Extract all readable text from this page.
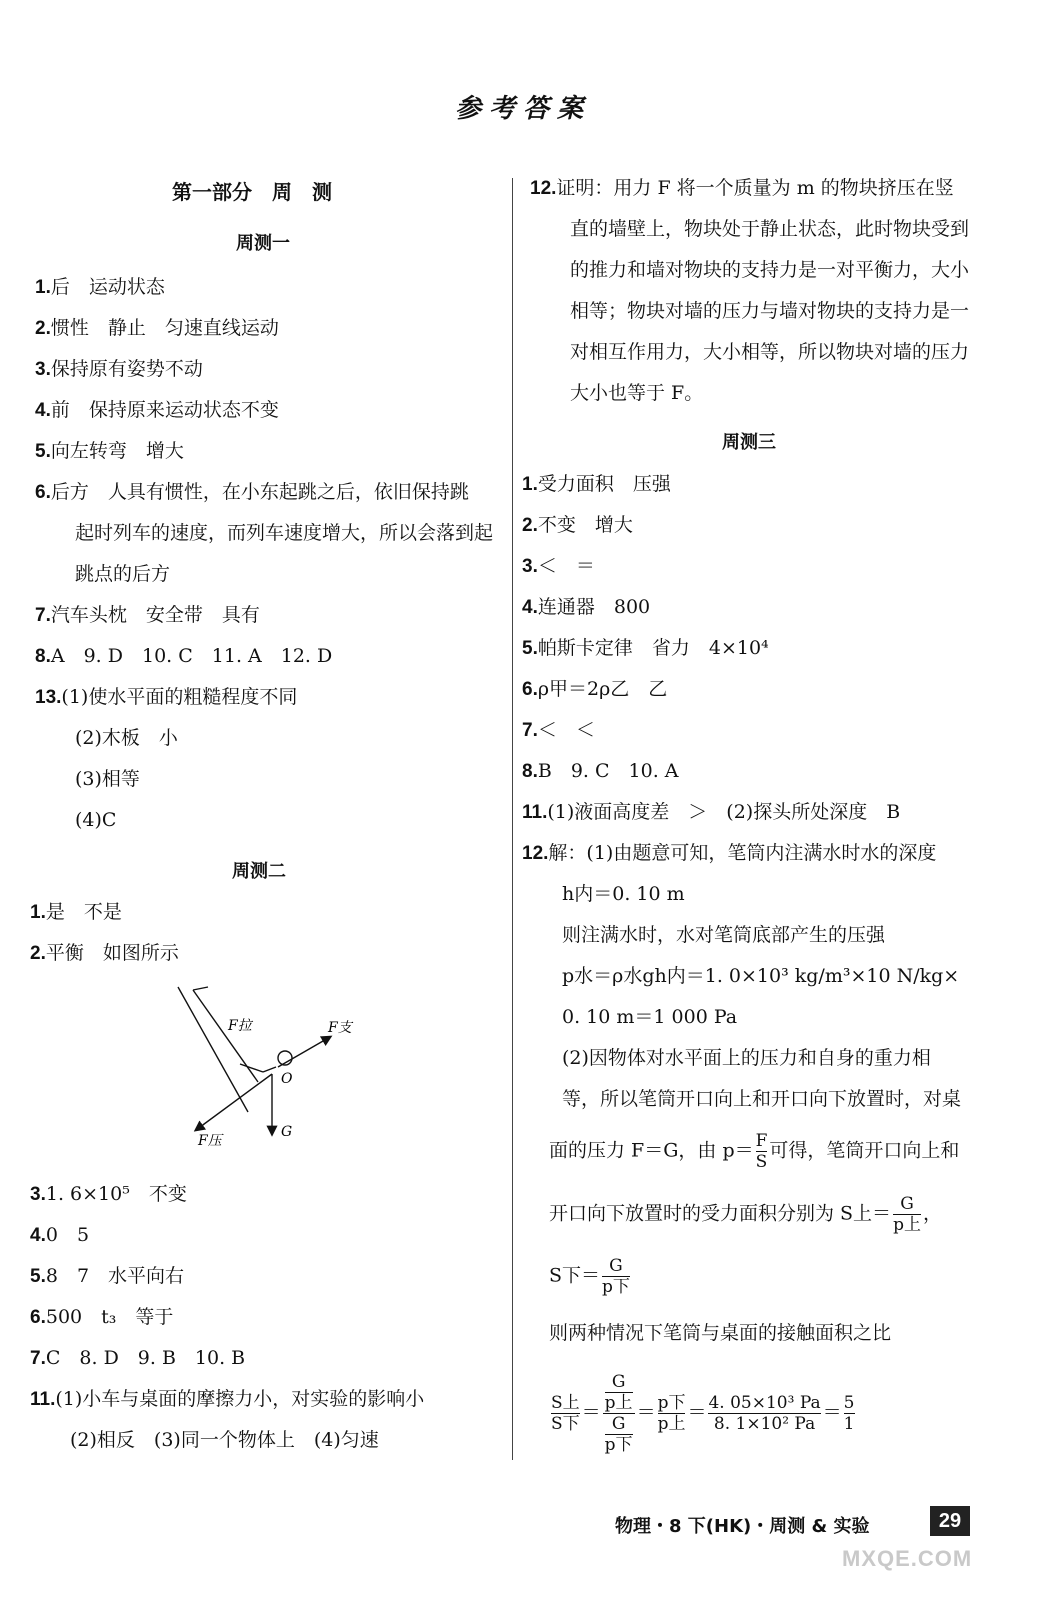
参考答案
第一部分　周　测
周测一
1.后　运动状态
2.惯性　静止　匀速直线运动
3.保持原有姿势不动
4.前　保持原来运动状态不变
5.向左转弯　增大
6.后方　人具有惯性，在小东起跳之后，依旧保持跳
起时列车的速度，而列车速度增大，所以会落到起
跳点的后方
7.汽车头枕　安全带　具有
8.A　9. D　10. C　11. A　12. D
13.(1)使水平面的粗糙程度不同
(2)木板　小
(3)相等
(4)C
周测二
1.是　不是
2.平衡　如图所示
F拉	F支
O
G
F压
3.1. 6×10⁵　不变
4.0　5
5.8　7　水平向右
6.500　t₃　等于
7.C　8. D　9. B　10. B
11.(1)小车与桌面的摩擦力小，对实验的影响小
(2)相反　(3)同一个物体上　(4)匀速
12.证明：用力 F 将一个质量为 m 的物块挤压在竖
直的墙壁上，物块处于静止状态，此时物块受到
的推力和墙对物块的支持力是一对平衡力，大小
相等；物块对墙的压力与墙对物块的支持力是一
对相互作用力，大小相等，所以物块对墙的压力
大小也等于 F。
周测三
1.受力面积　压强
2.不变　增大
3.＜　＝
4.连通器　800
5.帕斯卡定律　省力　4×10⁴
6.ρ甲＝2ρ乙　乙
7.＜　＜
8.B　9. C　10. A
11.(1)液面高度差　＞　(2)探头所处深度　B
12.解：(1)由题意可知，笔筒内注满水时水的深度
h内＝0. 10 m
则注满水时，水对笔筒底部产生的压强
p水＝ρ水gh内＝1. 0×10³ kg/m³×10 N/kg×
0. 10 m＝1 000 Pa
(2)因物体对水平面上的压力和自身的重力相
等，所以笔筒开口向上和开口向下放置时，对桌
面的压力 F＝G，由 $p= \frac{F}{S}$ 可得，笔筒开口向上和
开口向下放置时的受力面积分别为 S上＝ $\frac{G}{\text{p上}}$ ，
S下＝ $\frac{G}{\text{p下}}$
则两种情况下笔筒与桌面的接触面积之比
$\frac{\text{S上}}{\text{S下}} = G$
p上
G
p下 ＝ $\frac{\text{p下}}{\text{p上}} = \frac{\text{4. 05×10³ Pa}}{\text{8. 1×10² Pa}} = \frac{5}{1}$
物理・8 下(HK)・周测 & 实验	29
MXQE.COM
